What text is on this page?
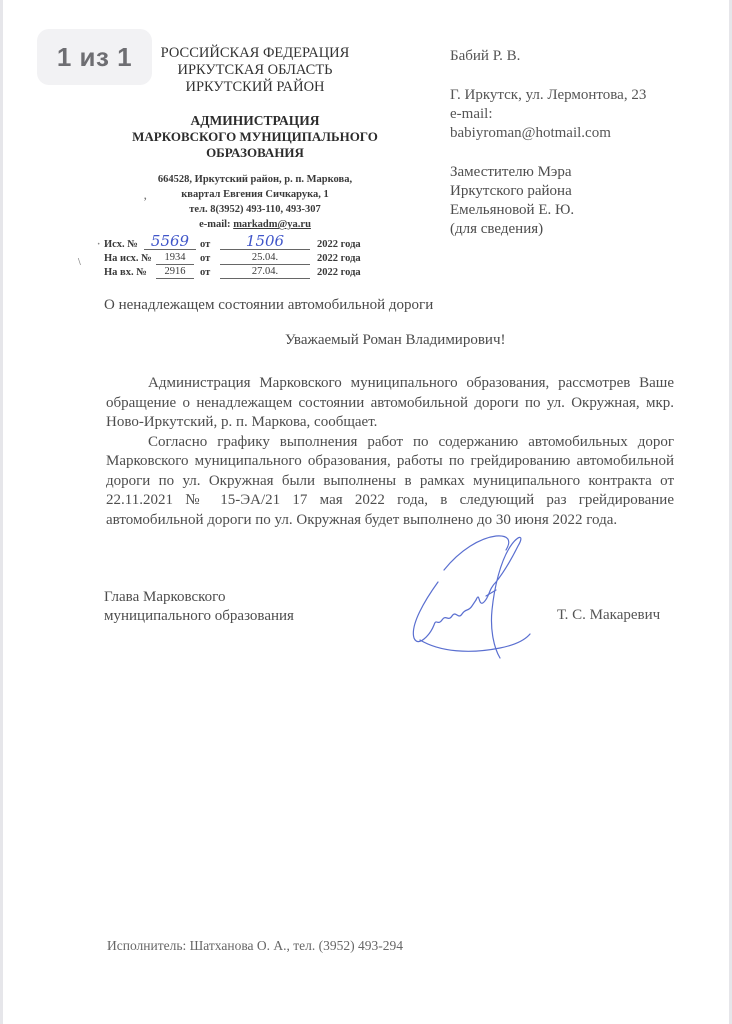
РОССИЙСКАЯ ФЕДЕРАЦИЯ
ИРКУТСКАЯ ОБЛАСТЬ
ИРКУТСКИЙ РАЙОН
АДМИНИСТРАЦИЯ
МАРКОВСКОГО МУНИЦИПАЛЬНОГО
ОБРАЗОВАНИЯ
664528, Иркутский район, р. п. Маркова,
квартал Евгения Сичкарука, 1
,
тел. 8(3952) 493-110, 493-307
e-mail: markadm@ya.ru
1 из 1
·
\
Исх. № 5569	от	1506	2022 года
На исх. №	1934	от	25.04.	2022 года
На вх. №	2916	от	27.04.	2022 года
Бабий Р. В.
Г. Иркутск, ул. Лермонтова, 23
e-mail:
babiyroman@hotmail.com
Заместителю Мэра
Иркутского района
Емельяновой Е. Ю.
(для сведения)
О ненадлежащем состоянии автомобильной дороги
Уважаемый Роман Владимирович!

Администрация Марковского муниципального образования, рассмотрев Ваше обращение о ненадлежащем состоянии автомобильной дороги по ул. Окружная, мкр. Ново-Иркутский, р. п. Маркова, сообщает.

Согласно графику выполнения работ по содержанию автомобильных дорог Марковского муниципального образования, работы по грейдированию автомобильной дороги по ул. Окружная были выполнены в рамках муниципального контракта от 22.11.2021 № 15-ЭА/21 17 мая 2022 года, в следующий раз грейдирование автомобильной дороги по ул. Окружная будет выполнено до 30 июня 2022 года.

Глава Марковского
муниципального образования	Т. С. Макаревич
Исполнитель: Шатханова О. А., тел. (3952) 493-294
